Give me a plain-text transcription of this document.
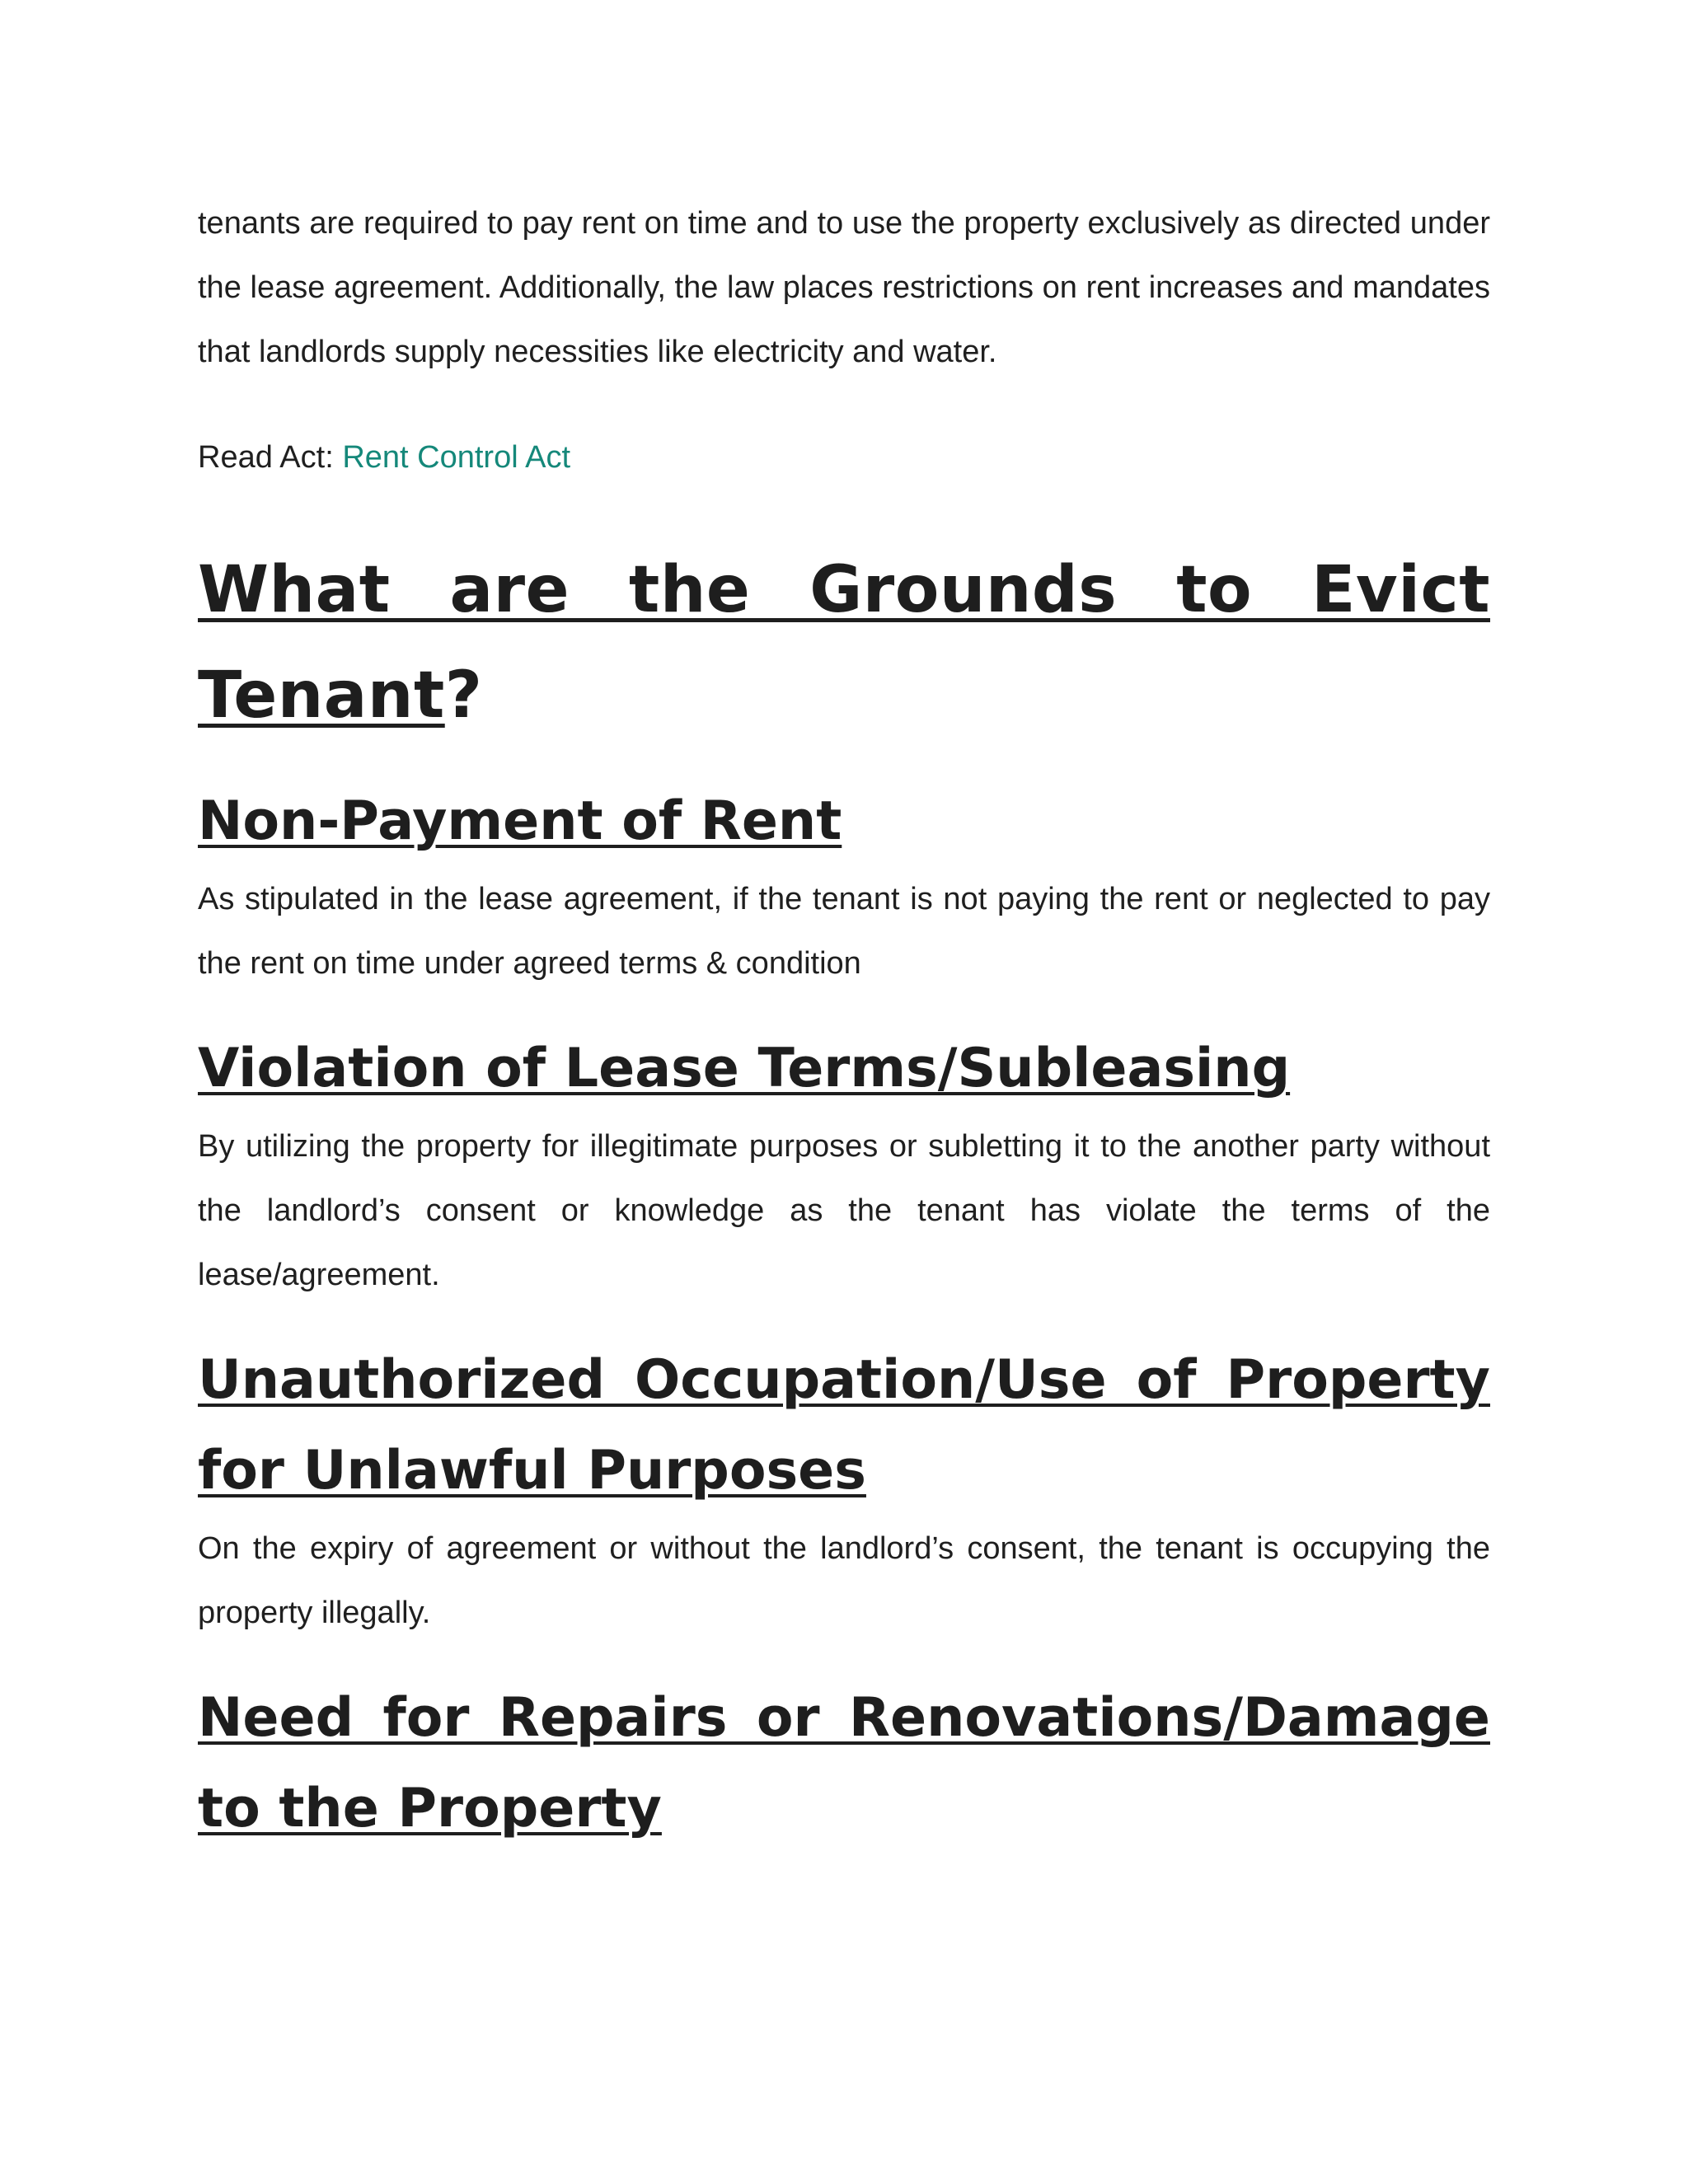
tenants are required to pay rent on time and to use the property exclusively as directed under the lease agreement. Additionally, the law places restrictions on rent increases and mandates that landlords supply necessities like electricity and water.

Read Act: Rent Control Act

What are the Grounds to Evict Tenant?
Non-Payment of Rent

As stipulated in the lease agreement, if the tenant is not paying the rent or neglected to pay the rent on time under agreed terms & condition

Violation of Lease Terms/Subleasing

By utilizing the property for illegitimate purposes or subletting it to the another party without the landlord’s consent or knowledge as the tenant has violate the terms of the lease/agreement.

Unauthorized Occupation/Use of Property for Unlawful Purposes

On the expiry of agreement or without the landlord’s consent, the tenant is occupying the property illegally.

Need for Repairs or Renovations/Damage to the Property
